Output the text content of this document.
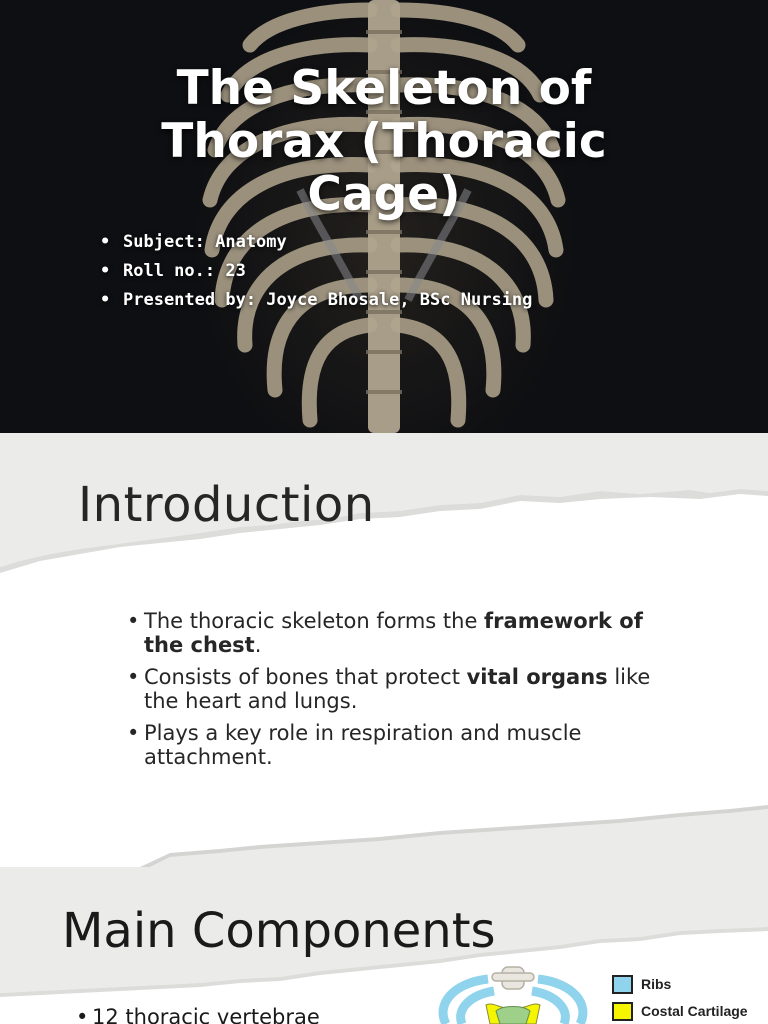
The Skeleton of Thorax (Thoracic Cage)
• Subject: Anatomy
• Roll no.: 23
• Presented by: Joyce Bhosale, BSc Nursing
Introduction
• The thoracic skeleton forms the framework of the chest.
• Consists of bones that protect vital organs like the heart and lungs.
• Plays a key role in respiration and muscle attachment.
Main Components
• 12 thoracic vertebrae
Ribs
Costal Cartilage
